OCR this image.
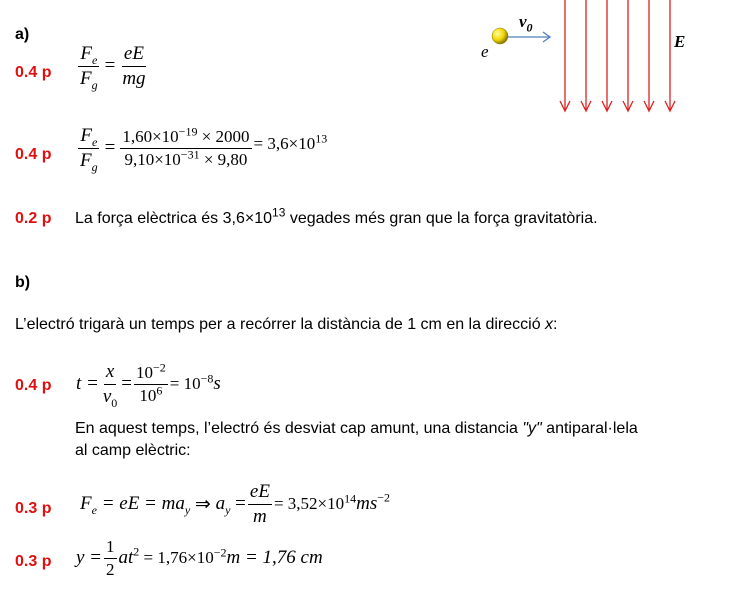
$v_0$
e
E
a)
0.4 p $\frac{F_e}{F_g} = \frac{eE}{mg}$
0.4 p $\frac{F_e}{F_g} = \frac{1,60\times 10^{-19} \times 2000}{9,10\times 10^{-31} \times 9,80} = 3,6\times 10^{13}$
0.2 p La força elèctrica és $3,6\times 10^{13}$ vegades més gran que la força gravitatòria.
b)
L’electró trigarà un temps per a recórrer la distància de 1 cm en la direcció x:
0.4 p $t = \frac{x}{v_0} = \frac{10^{-2}}{10^6} = 10^{-8}$ s
En aquest temps, l’electró és desviat cap amunt, una distancia "y" antiparal·lela
al camp elèctric:
0.3 p $F_e$ = eE = $ma_y$ ⇒ $a_y = \frac{eE}{m} = 3,52\times 10^{14}$ $ms^{-2}$
0.3 p $y = \frac{1}{2} at^2 = 1,76\times 10^{-2}$ m = 1,76 cm
